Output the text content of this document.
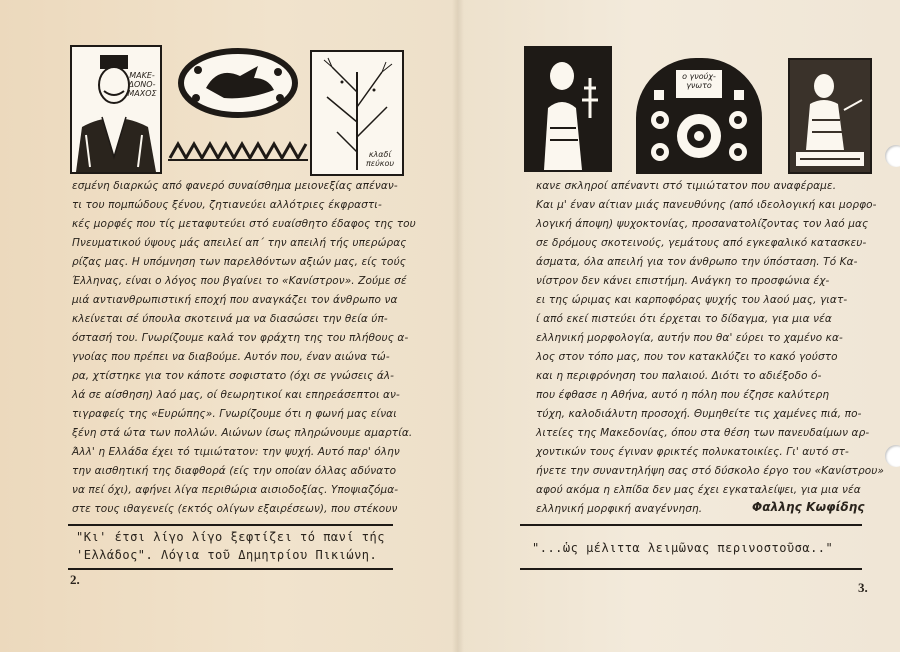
ΜΑΚΕ-ΔΟΝΟ-ΜΑΧΟΣ
κλαδί πεύκου
εσμένη διαρκώς από φανερό συναίσθημα μειονεξίας απέναν-
τι του πομπώδους ξένου, ζητιανεύει αλλότριες έκφραστι-
κές μορφές που τίς μεταφυτεύει στό ευαίσθητο έδαφος της του
Πνευματικού ύψους μάς απειλεί απ΄ την απειλή τής υπερώρας
ρίζας μας. Η υπόμνηση των παρελθόντων αξιών μας, είς τούς
Έλληνας, είναι ο λόγος που βγαίνει το «Κανίστρον». Ζούμε σέ
μιά αντιανθρωπιστική εποχή που αναγκάζει τον άνθρωπο να
κλείνεται σέ ύπουλα σκοτεινά μα να διασώσει την θεία ύπ-
όστασή του. Γνωρίζουμε καλά τον φράχτη της του πλήθους α-
γνοίας που πρέπει να διαβούμε. Αυτόν που, έναν αιώνα τώ-
ρα, χτίστηκε για τον κάποτε σοφιστατο (όχι σε γνώσεις άλ-
λά σε αίσθηση) λαό μας, οί θεωρητικοί και επηρεάσεπτοι αν-
τιγραφείς της «Ευρώπης». Γνωρίζουμε ότι η φωνή μας είναι
ξένη στά ώτα των πολλών. Αιώνων ίσως πληρώνουμε αμαρτία.
Άλλ' η Ελλάδα έχει τό τιμιώτατον: την ψυχή. Αυτό παρ' όλην
την αισθητική της διαφθορά (είς την οποίαν όλλας αδύνατο
να πεί όχι), αφήνει λίγα περιθώρια αισιοδοξίας. Υποψιαζόμα-
στε τους ιθαγενείς (εκτός ολίγων εξαιρέσεων), που στέκουν
"Κι' έτσι λίγο λίγο ξεφτίζει τό πανί τής 'Ελλάδος". Λόγια τοῦ Δημητρίου Πικιώνη.
2.
ο γνούχ-γνωτο
κανε σκληροί απέναντι στό τιμιώτατον που αναφέραμε.
Και μ' έναν αίτιαν μιάς πανευθύνης (από ιδεολογική και μορφο-
λογική άποψη) ψυχοκτονίας, προσανατολίζοντας τον λαό μας
σε δρόμους σκοτεινούς, γεμάτους από εγκεφαλικό κατασκευ-
άσματα, όλα απειλή για τον άνθρωπο την ύπόσταση. Τό Κα-
νίστρον δεν κάνει επιστήμη. Ανάγκη το προσφώνια έχ-
ει της ώριμας και καρποφόρας ψυχής του λαού μας, γιατ-
ί από εκεί πιστεύει ότι έρχεται το δίδαγμα, για μια νέα
ελληνική μορφολογία, αυτήν που θα' εύρει το χαμένο κα-
λος στον τόπο μας, που τον κατακλύζει το κακό γούστο
και η περιφρόνηση του παλαιού. Διότι το αδιέξοδο ό-
που έφθασε η Αθήνα, αυτό η πόλη που έζησε καλύτερη
τύχη, καλοδιάλυτη προσοχή. Θυμηθείτε τις χαμένες πιά, πο-
λιτείες της Μακεδονίας, όπου στα θέση των πανευδαίμων αρ-
χοντικών τους έγιναν φρικτές πολυκατοικίες. Γι' αυτό στ-
ήνετε την συναντηλήψη σας στό δύσκολο έργο του «Κανίστρου»
αφού ακόμα η ελπίδα δεν μας έχει εγκαταλείψει, για μια νέα
ελληνική μορφική αναγέννηση.	Φαλλης Κωφίδης
"...ὡς μέλιττα λειμῶνας περινοστοῦσα.."
3.
